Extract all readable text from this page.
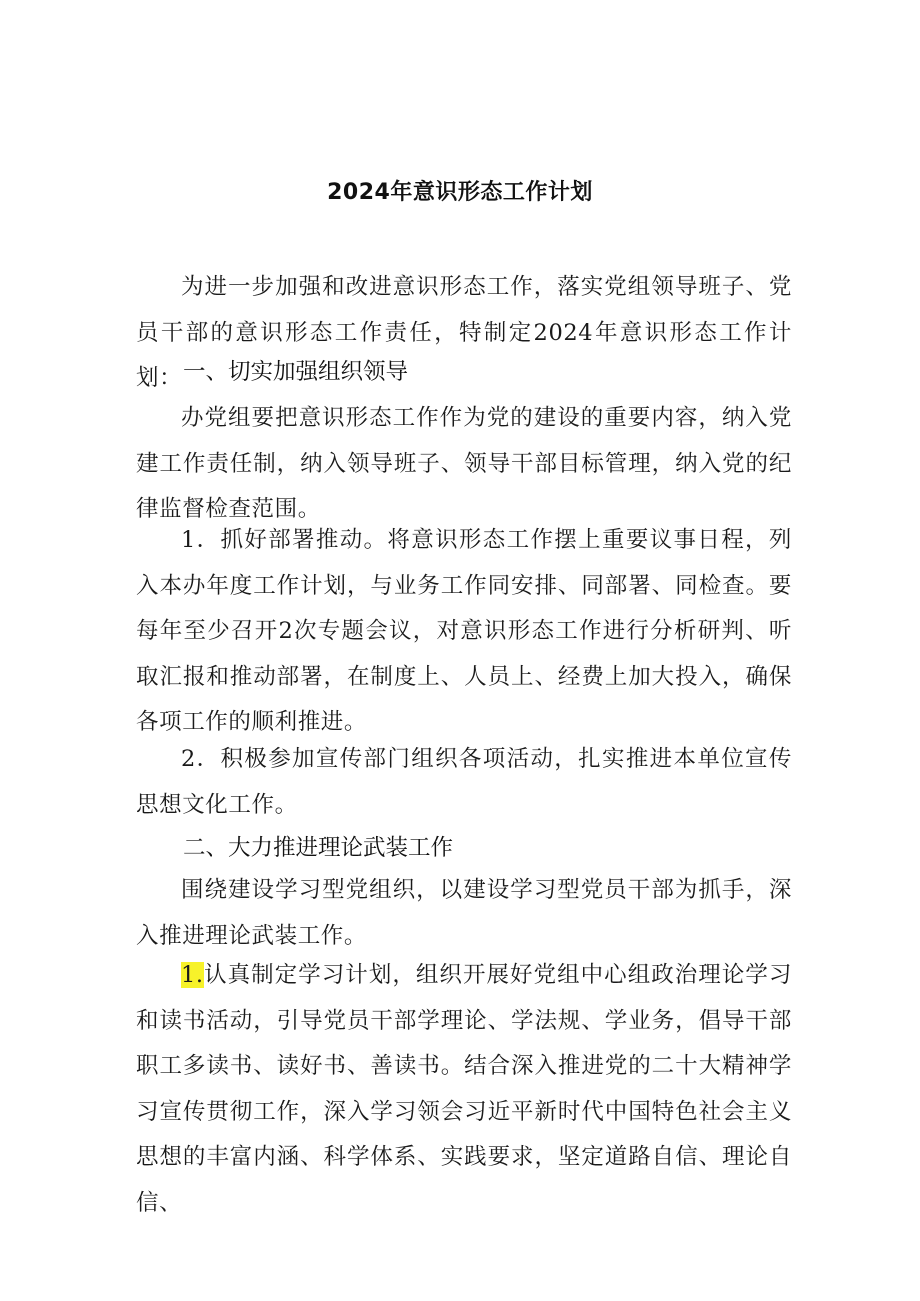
2024年意识形态工作计划

为进一步加强和改进意识形态工作，落实党组领导班子、党员干部的意识形态工作责任，特制定2024年意识形态工作计划： 一、切实加强组织领导

办党组要把意识形态工作作为党的建设的重要内容，纳入党建工作责任制，纳入领导班子、领导干部目标管理，纳入党的纪律监督检查范围。

1．抓好部署推动。将意识形态工作摆上重要议事日程，列入本办年度工作计划，与业务工作同安排、同部署、同检查。要每年至少召开2次专题会议，对意识形态工作进行分析研判、听取汇报和推动部署，在制度上、人员上、经费上加大投入，确保各项工作的顺利推进。

2．积极参加宣传部门组织各项活动，扎实推进本单位宣传思想文化工作。

二、大力推进理论武装工作

围绕建设学习型党组织，以建设学习型党员干部为抓手，深入推进理论武装工作。

1.认真制定学习计划，组织开展好党组中心组政治理论学习和读书活动，引导党员干部学理论、学法规、学业务，倡导干部职工多读书、读好书、善读书。结合深入推进党的二十大精神学习宣传贯彻工作，深入学习领会习近平新时代中国特色社会主义思想的丰富内涵、科学体系、实践要求，坚定道路自信、理论自信、
